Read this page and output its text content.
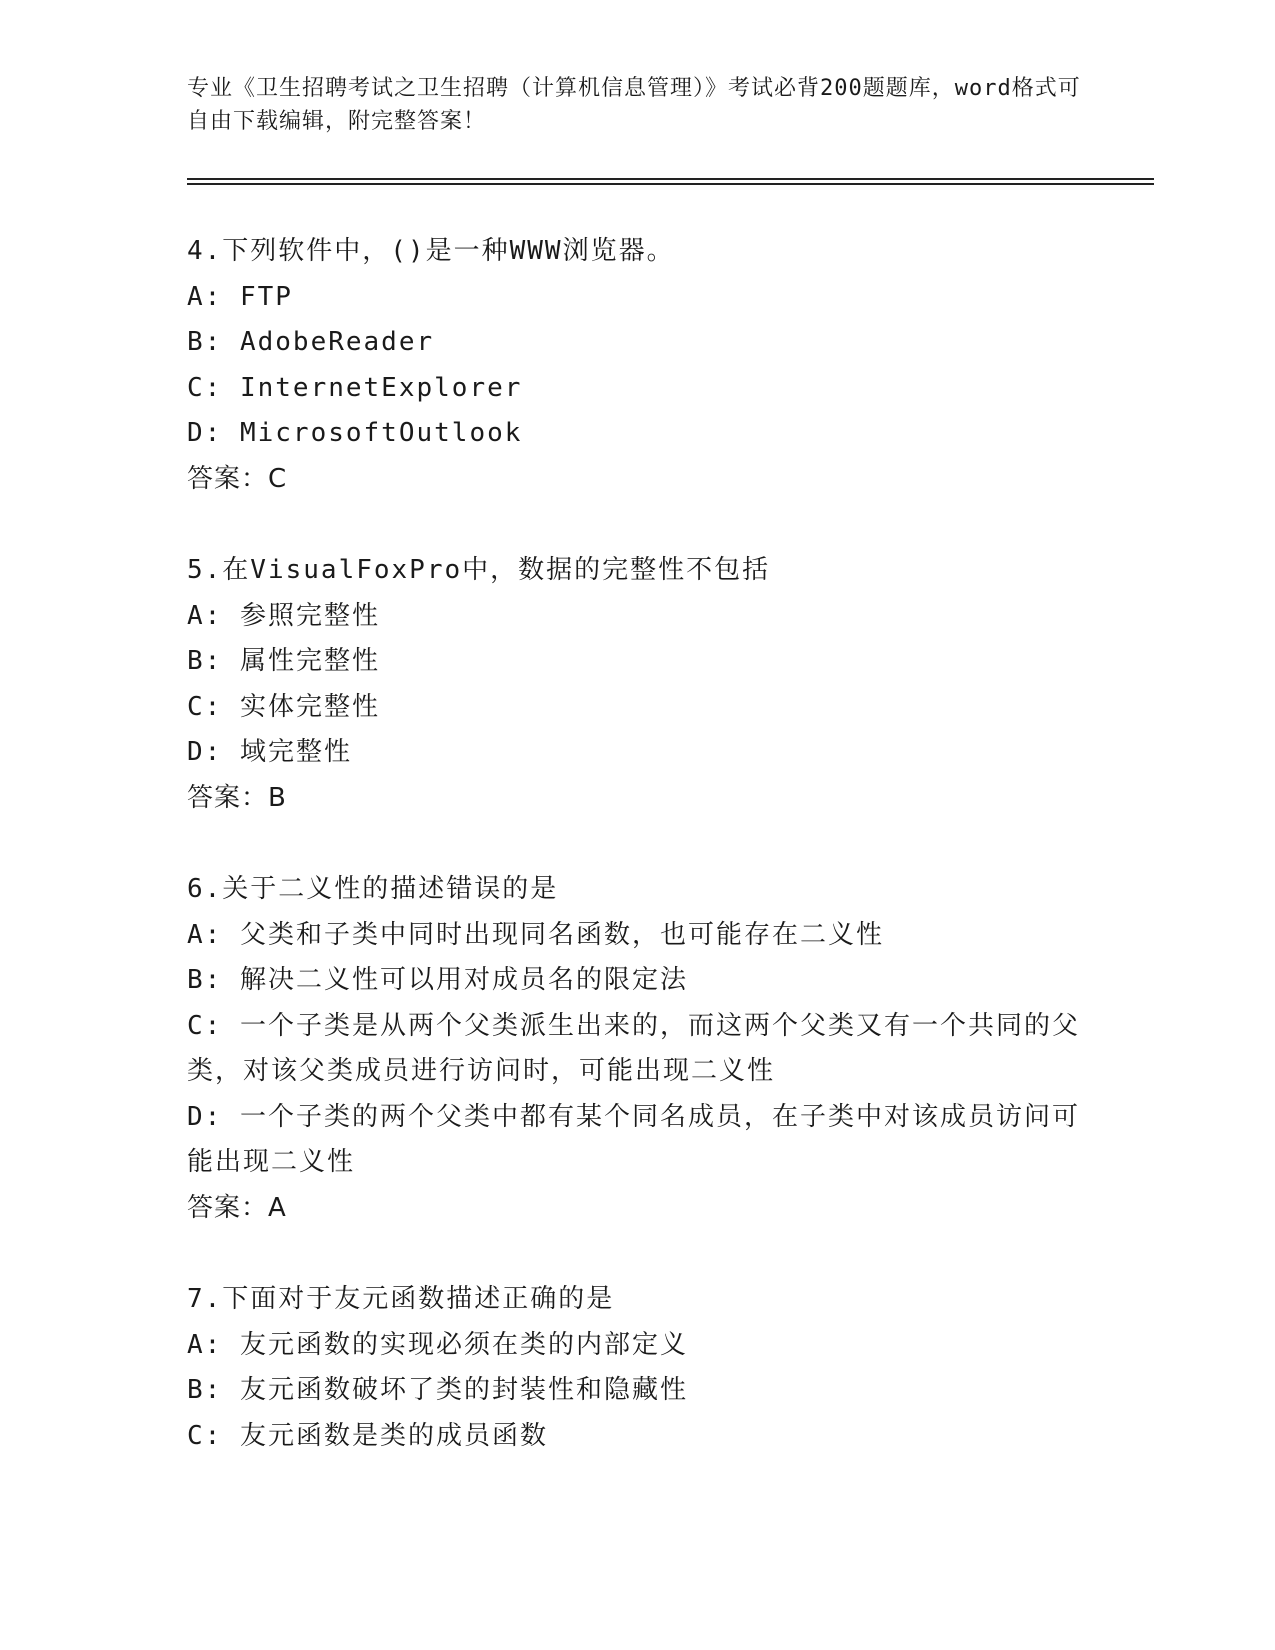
专业《卫生招聘考试之卫生招聘（计算机信息管理）》考试必背200题题库，word格式可自由下载编辑，附完整答案！

4.下列软件中，()是一种WWW浏览器。

A: FTP

B: AdobeReader

C: InternetExplorer

D: MicrosoftOutlook

答案：C

5.在VisualFoxPro中，数据的完整性不包括

A: 参照完整性

B: 属性完整性

C: 实体完整性

D: 域完整性

答案：B

6.关于二义性的描述错误的是

A: 父类和子类中同时出现同名函数，也可能存在二义性

B: 解决二义性可以用对成员名的限定法

C: 一个子类是从两个父类派生出来的，而这两个父类又有一个共同的父类，对该父类成员进行访问时，可能出现二义性

D: 一个子类的两个父类中都有某个同名成员，在子类中对该成员访问可能出现二义性

答案：A

7.下面对于友元函数描述正确的是

A: 友元函数的实现必须在类的内部定义

B: 友元函数破坏了类的封装性和隐藏性

C: 友元函数是类的成员函数
